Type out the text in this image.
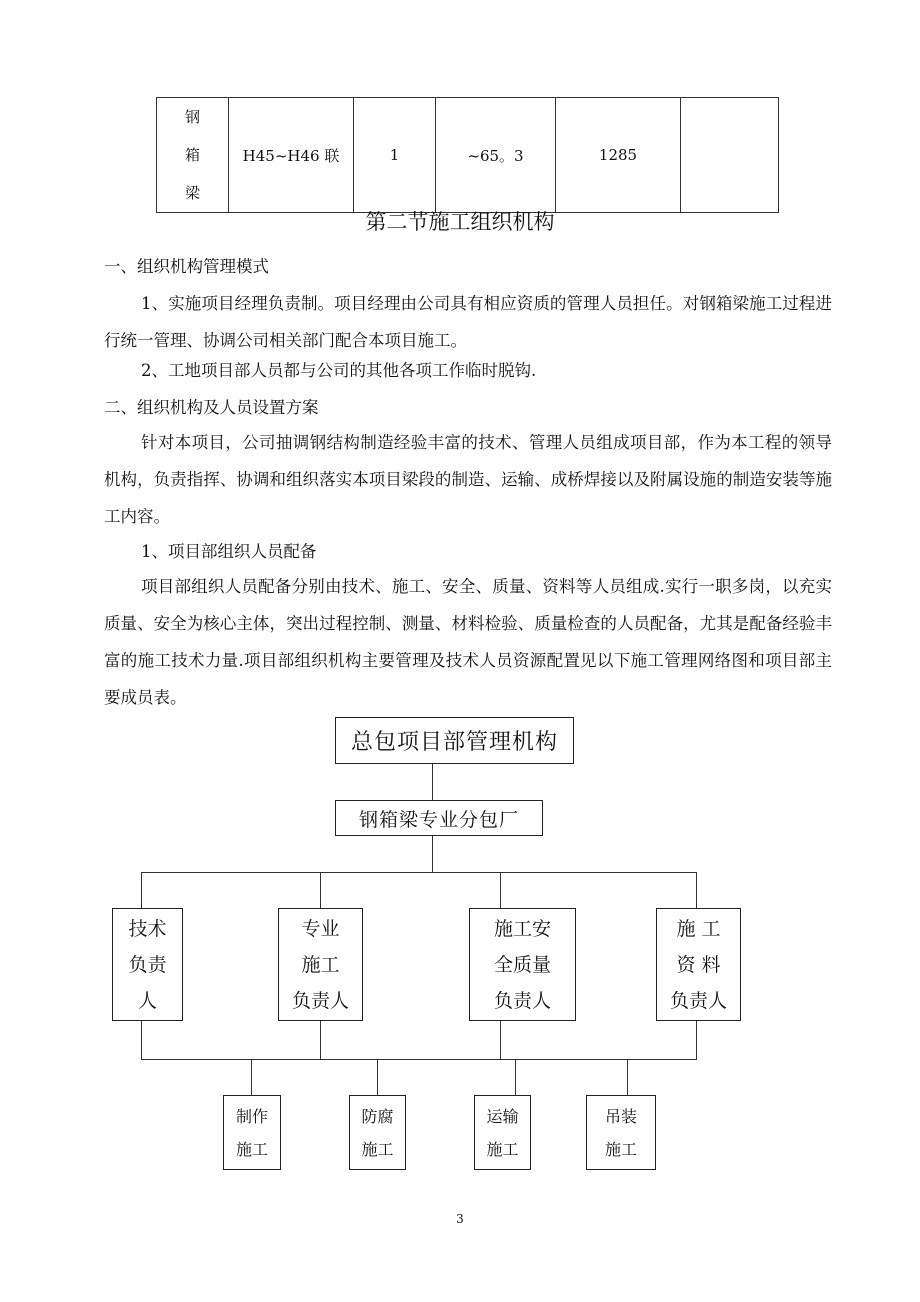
钢
箱
梁
	H45~H46 联	1	~65。3	1285	
第二节施工组织机构

一、组织机构管理模式

1、实施项目经理负责制。项目经理由公司具有相应资质的管理人员担任。对钢箱梁施工过程进行统一管理、协调公司相关部门配合本项目施工。

2、工地项目部人员都与公司的其他各项工作临时脱钩.

二、组织机构及人员设置方案

针对本项目，公司抽调钢结构制造经验丰富的技术、管理人员组成项目部，作为本工程的领导机构，负责指挥、协调和组织落实本项目梁段的制造、运输、成桥焊接以及附属设施的制造安装等施工内容。

1、项目部组织人员配备

项目部组织人员配备分别由技术、施工、安全、质量、资料等人员组成.实行一职多岗，以充实质量、安全为核心主体，突出过程控制、测量、材料检验、质量检查的人员配备，尤其是配备经验丰富的施工技术力量.项目部组织机构主要管理及技术人员资源配置见以下施工管理网络图和项目部主要成员表。

总包项目部管理机构
钢箱梁专业分包厂
技术
负责
人
专业
施工
负责人
施工安
全质量
负责人
施 工
资 料
负责人
制作
施工
防腐
施工
运输
施工
吊装
施工
3
